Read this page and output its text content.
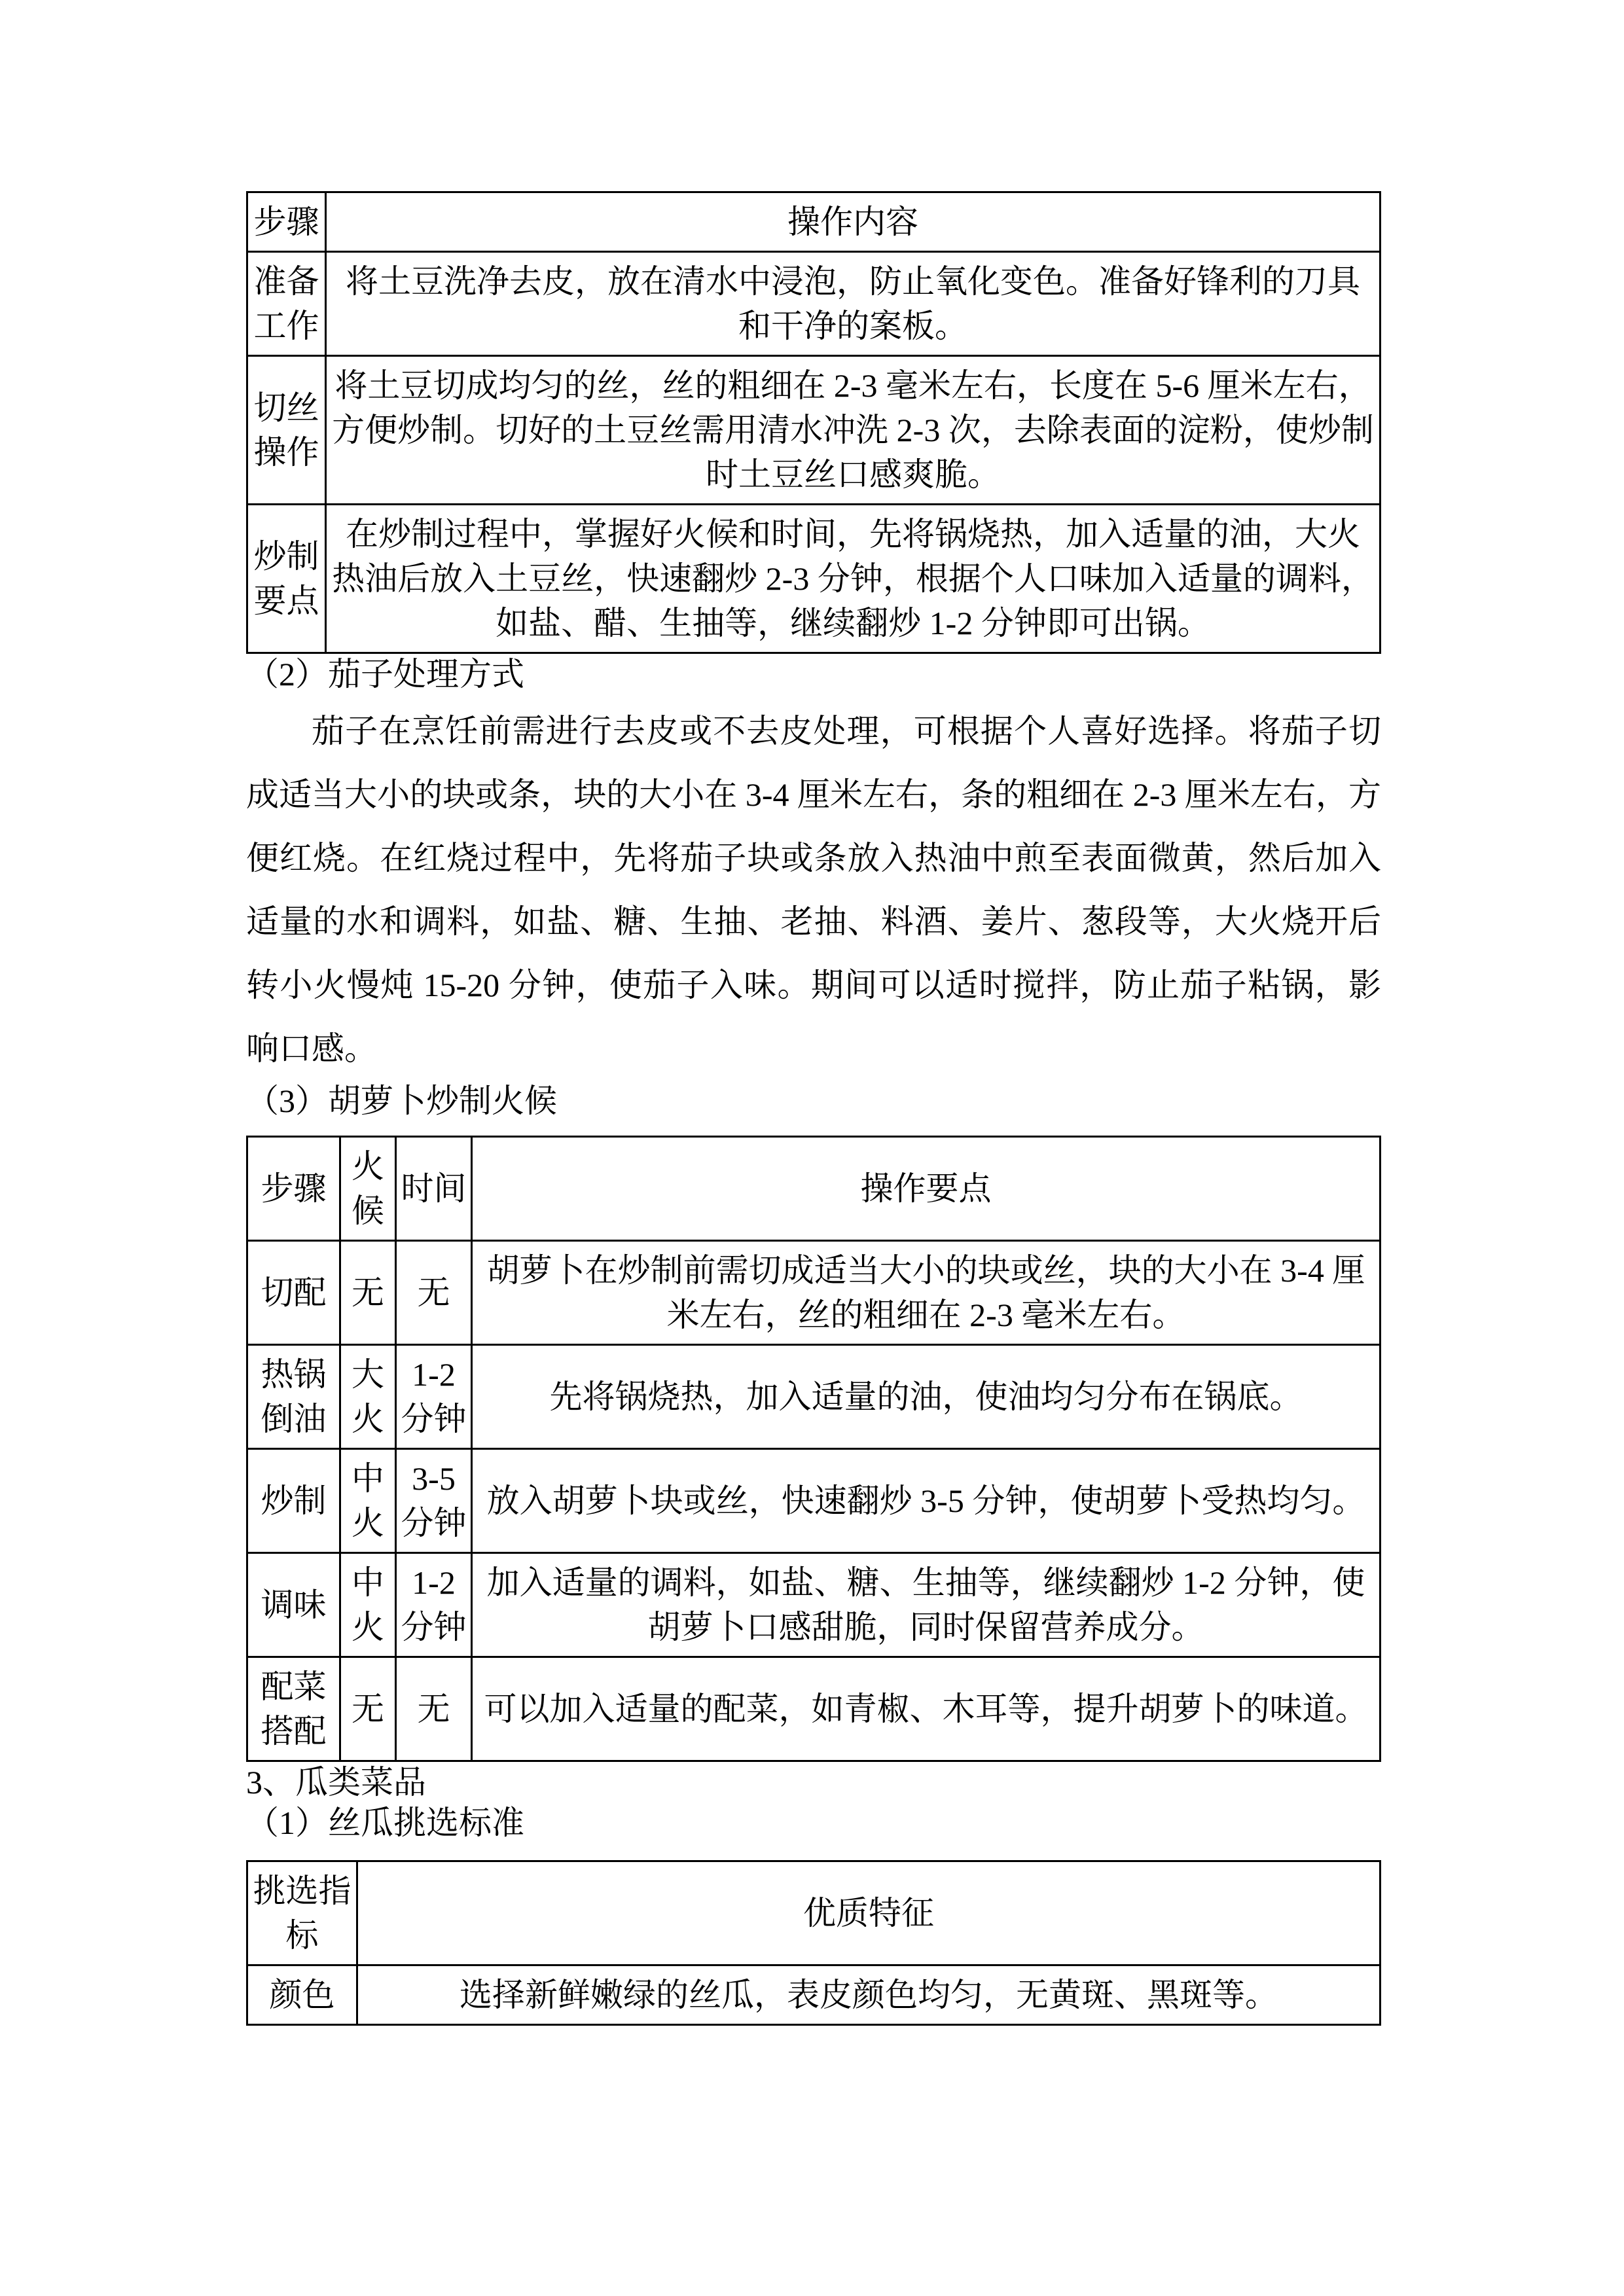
步骤	操作内容
准备工作	将土豆洗净去皮，放在清水中浸泡，防止氧化变色。准备好锋利的刀具和干净的案板。
切丝操作	将土豆切成均匀的丝，丝的粗细在 2-3 毫米左右，长度在 5-6 厘米左右，方便炒制。切好的土豆丝需用清水冲洗 2-3 次，去除表面的淀粉，使炒制时土豆丝口感爽脆。
炒制要点	在炒制过程中，掌握好火候和时间，先将锅烧热，加入适量的油，大火热油后放入土豆丝，快速翻炒 2-3 分钟，根据个人口味加入适量的调料，如盐、醋、生抽等，继续翻炒 1-2 分钟即可出锅。
（2）茄子处理方式

茄子在烹饪前需进行去皮或不去皮处理，可根据个人喜好选择。将茄子切成适当大小的块或条，块的大小在 3-4 厘米左右，条的粗细在 2-3 厘米左右，方便红烧。在红烧过程中，先将茄子块或条放入热油中煎至表面微黄，然后加入适量的水和调料，如盐、糖、生抽、老抽、料酒、姜片、葱段等，大火烧开后转小火慢炖 15-20 分钟，使茄子入味。期间可以适时搅拌，防止茄子粘锅，影响口感。

（3）胡萝卜炒制火候
步骤	火候	时间	操作要点
切配	无	无	胡萝卜在炒制前需切成适当大小的块或丝，块的大小在 3-4 厘米左右，丝的粗细在 2-3 毫米左右。
热锅倒油	大火	1-2 分钟	先将锅烧热，加入适量的油，使油均匀分布在锅底。
炒制	中火	3-5 分钟	放入胡萝卜块或丝，快速翻炒 3-5 分钟，使胡萝卜受热均匀。
调味	中火	1-2 分钟	加入适量的调料，如盐、糖、生抽等，继续翻炒 1-2 分钟，使胡萝卜口感甜脆，同时保留营养成分。
配菜搭配	无	无	可以加入适量的配菜，如青椒、木耳等，提升胡萝卜的味道。
3、瓜类菜品
（1）丝瓜挑选标准
挑选指标	优质特征
颜色	选择新鲜嫩绿的丝瓜，表皮颜色均匀，无黄斑、黑斑等。
